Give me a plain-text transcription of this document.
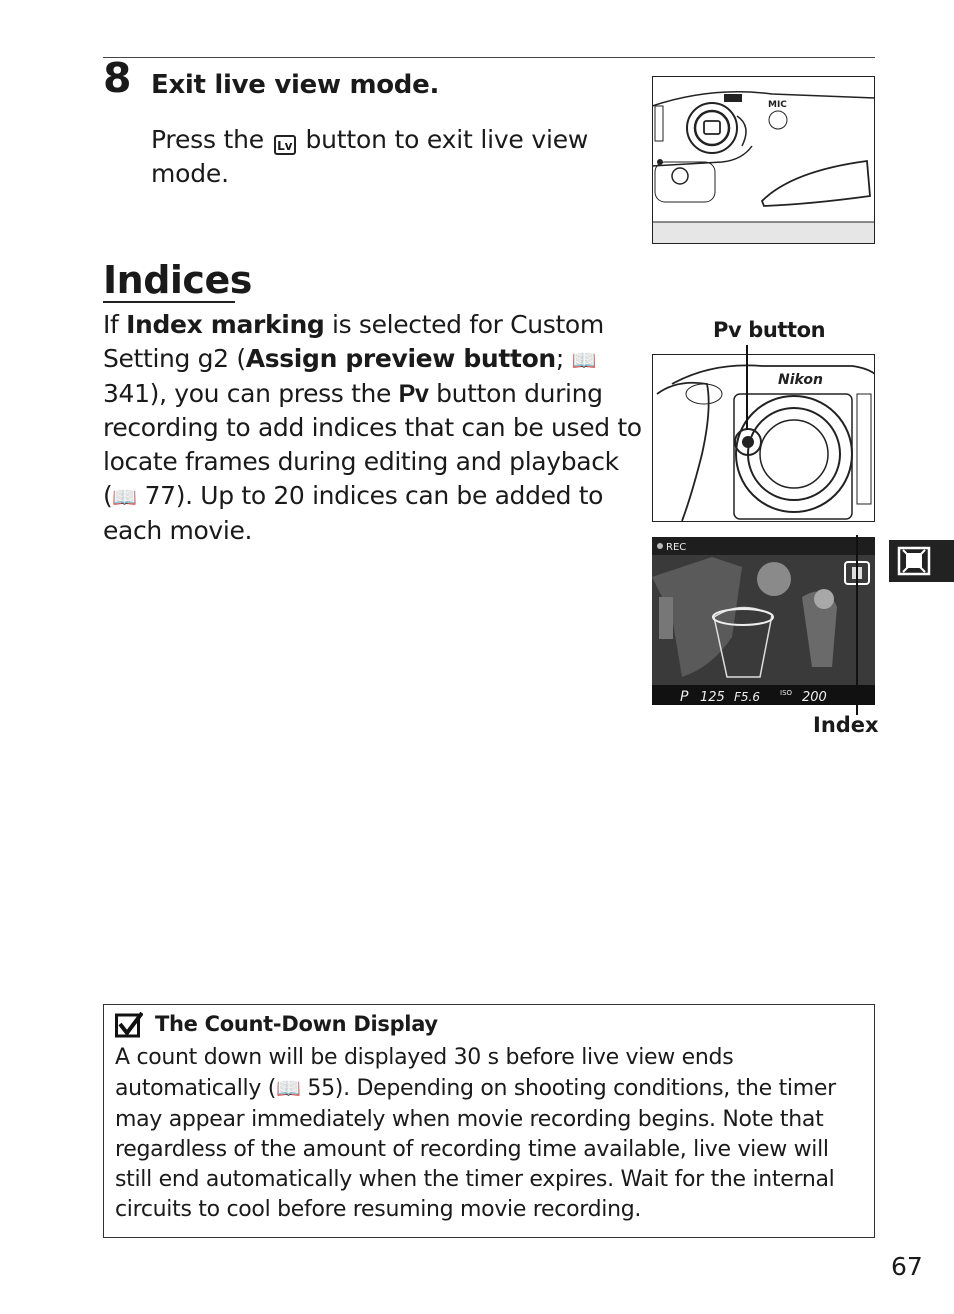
8 Exit live view mode.
Press the Lv button to exit live view mode.
MIC
Indices
If Index marking is selected for Custom Setting g2 (Assign preview button; 📖 341), you can press the Pv button during recording to add indices that can be used to locate frames during editing and playback (📖 77). Up to 20 indices can be added to each movie.
Pv button
Nikon
REC
P 125 F5.6	ISO 200
Index
The Count-Down Display
A count down will be displayed 30 s before live view ends automatically (📖 55). Depending on shooting conditions, the timer may appear immediately when movie recording begins. Note that regardless of the amount of recording time available, live view will still end automatically when the timer expires. Wait for the internal circuits to cool before resuming movie recording.
67
